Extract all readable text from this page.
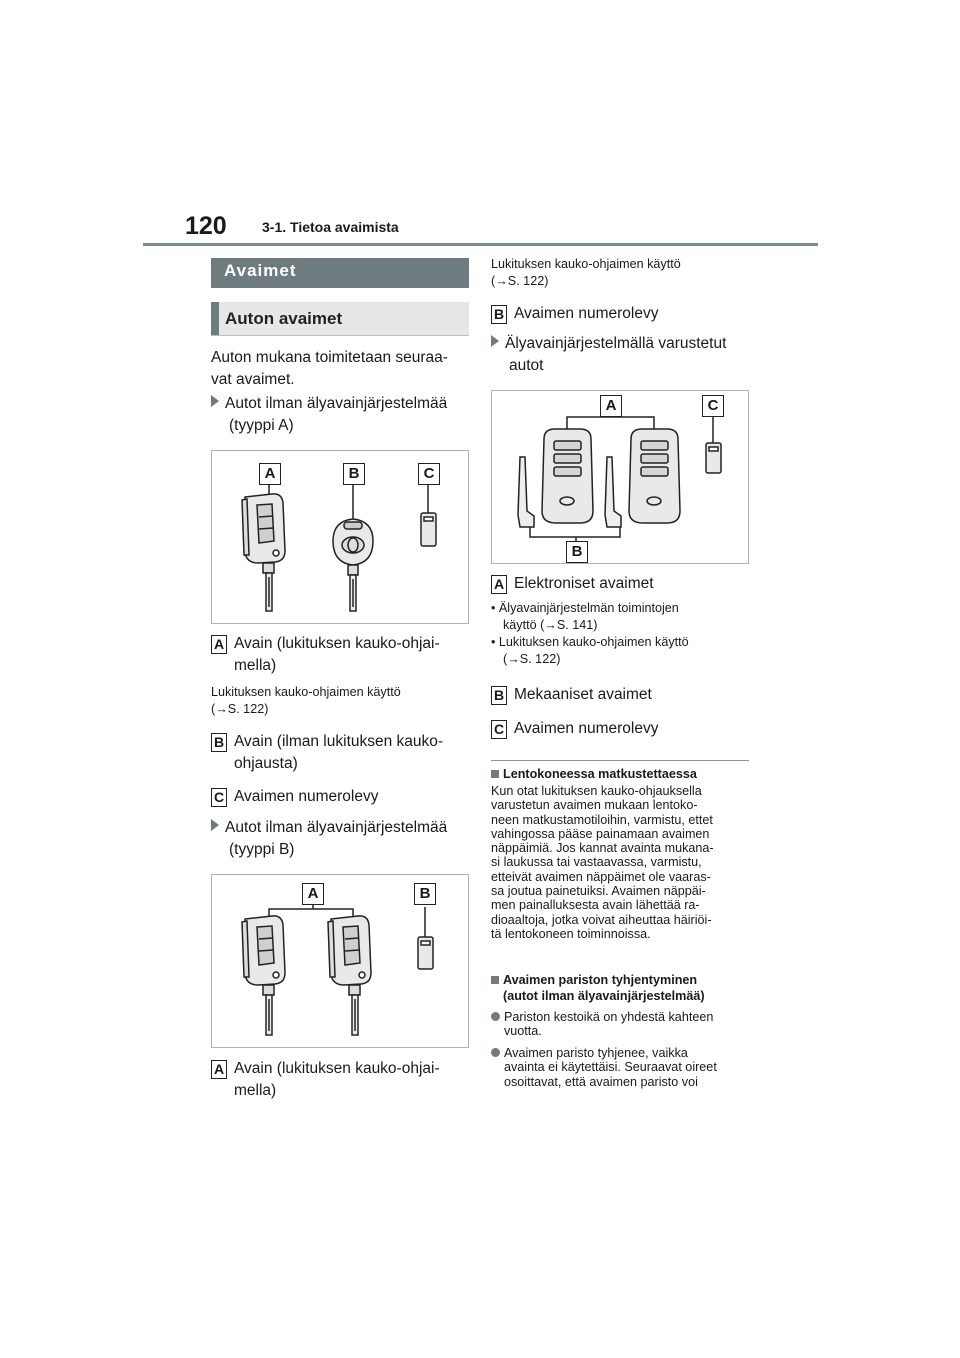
120	3-1. Tietoa avaimista
Avaimet
Auton avaimet
Auton mukana toimitetaan seuraa-
vat avaimet.
Autot ilman älyavainjärjestelmää
(tyyppi A)
A	B	C
A Avain (lukituksen kauko-ohjai-
mella)
Lukituksen kauko-ohjaimen käyttö
(→S. 122)
B Avain (ilman lukituksen kauko-
ohjausta)
C Avaimen numerolevy
Autot ilman älyavainjärjestelmää
(tyyppi B)
A	B
A Avain (lukituksen kauko-ohjai-
mella)
Lukituksen kauko-ohjaimen käyttö
(→S. 122)
B Avaimen numerolevy
Älyavainjärjestelmällä varustetut
autot
A	C
B
A Elektroniset avaimet
• Älyavainjärjestelmän toimintojen
käyttö (→S. 141)
• Lukituksen kauko-ohjaimen käyttö
(→S. 122)
B Mekaaniset avaimet
C Avaimen numerolevy
Lentokoneessa matkustettaessa
Kun otat lukituksen kauko-ohjauksella
varustetun avaimen mukaan lentoko-
neen matkustamotiloihin, varmistu, ettet
vahingossa pääse painamaan avaimen
näppäimiä. Jos kannat avainta mukana-
si laukussa tai vastaavassa, varmistu,
etteivät avaimen näppäimet ole vaaras-
sa joutua painetuiksi. Avaimen näppäi-
men painalluksesta avain lähettää ra-
dioaaltoja, jotka voivat aiheuttaa häiriöi-
tä lentokoneen toiminnoissa.
Avaimen pariston tyhjentyminen
(autot ilman älyavainjärjestelmää)
Pariston kestoikä on yhdestä kahteen
vuotta.
Avaimen paristo tyhjenee, vaikka
avainta ei käytettäisi. Seuraavat oireet
osoittavat, että avaimen paristo voi
